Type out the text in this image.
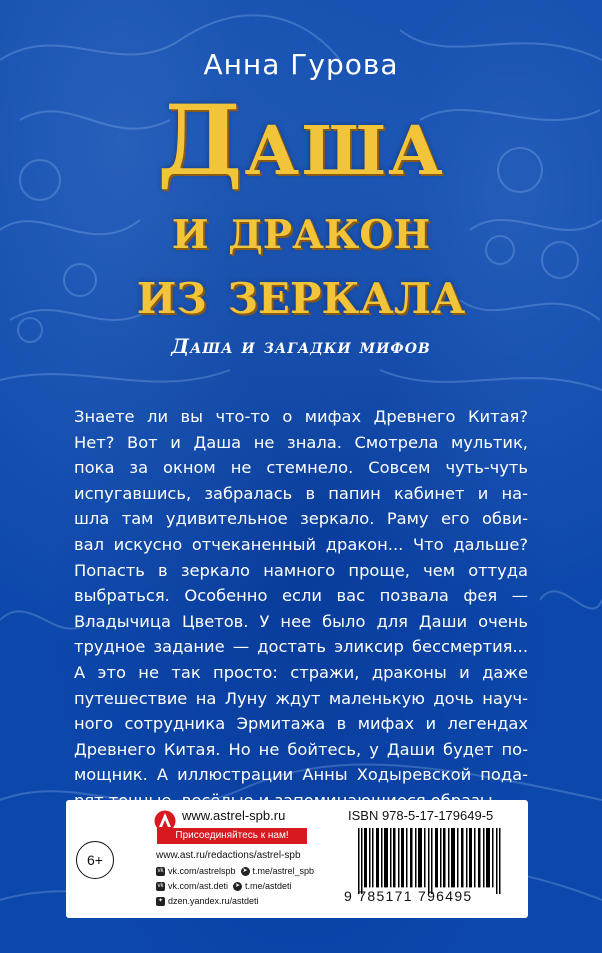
Анна Гурова
Даша
и дракон
из зеркала
Даша и загадки мифов

Знаете ли вы что-то о мифах Древнего Китая?

Нет? Вот и Даша не знала. Смотрела мультик,

пока за окном не стемнело. Совсем чуть-чуть

испугавшись, забралась в папин кабинет и на-

шла там удивительное зеркало. Раму его обви-

вал искусно отчеканенный дракон... Что дальше?

Попасть в зеркало намного проще, чем оттуда

выбраться. Особенно если вас позвала фея —

Владычица Цветов. У нее было для Даши очень

трудное задание — достать эликсир бессмертия...

А это не так просто: стражи, драконы и даже

путешествие на Луну ждут маленькую дочь науч-

ного сотрудника Эрмитажа в мифах и легендах

Древнего Китая. Но не бойтесь, у Даши будет по-

мощник. А иллюстрации Анны Ходыревской пода-

6+
www.astrel-spb.ru
Присоединяйтесь к нам!
www.ast.ru/redactions/astrel-spb
vk vk.com/astrelspb	➤ t.me/astrel_spb
vk vk.com/ast.deti	➤ t.me/astdeti
✦ dzen.yandex.ru/astdeti
ISBN 978-5-17-179649-5
9 785171 796495
